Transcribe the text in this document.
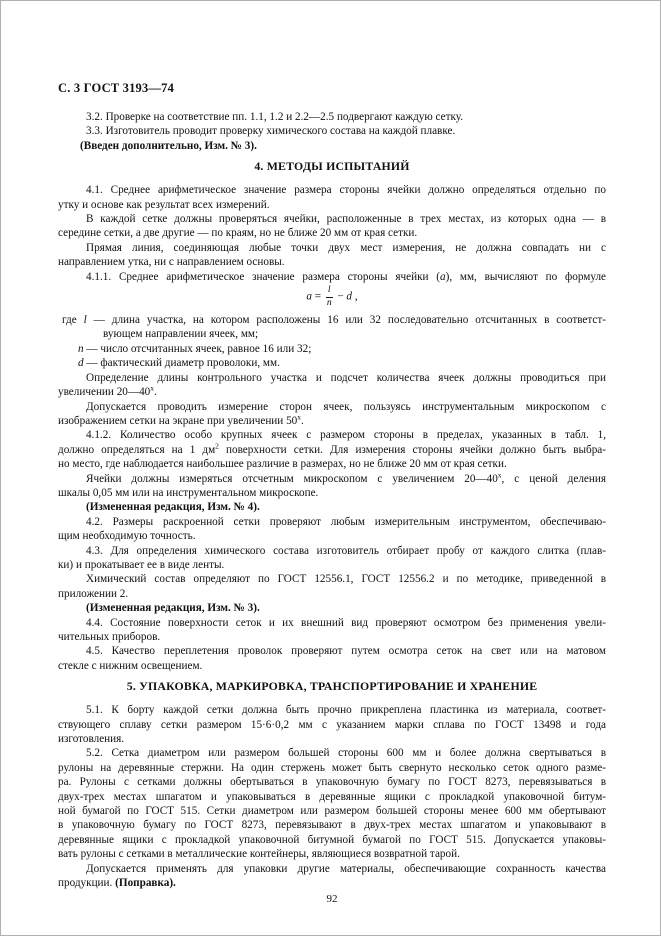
С. 3 ГОСТ 3193—74
3.2. Проверке на соответствие пп. 1.1, 1.2 и 2.2—2.5 подвергают каждую сетку.
3.3. Изготовитель проводит проверку химического состава на каждой плавке.
(Введен дополнительно, Изм. № 3).
4. МЕТОДЫ ИСПЫТАНИЙ
4.1. Среднее арифметическое значение размера стороны ячейки должно определяться отдельно по
утку и основе как результат всех измерений.
В каждой сетке должны проверяться ячейки, расположенные в трех местах, из которых одна — в
середине сетки, а две другие — по краям, но не ближе 20 мм от края сетки.
Прямая линия, соединяющая любые точки двух мест измерения, не должна совпадать ни с
направлением утка, ни с направлением основы.
4.1.1. Среднее арифметическое значение размера стороны ячейки (а), мм, вычисляют по формуле
$a = \frac{l}{n} - d$ ,
где l — длина участка, на котором расположены 16 или 32 последовательно отсчитанных в соответст-
вующем направлении ячеек, мм;
n — число отсчитанных ячеек, равное 16 или 32;
d — фактический диаметр проволоки, мм.
Определение длины контрольного участка и подсчет количества ячеек должны проводиться при
увеличении $20—40^х$.
Допускается проводить измерение сторон ячеек, пользуясь инструментальным микроскопом с
изображением сетки на экране при увеличении $50^х$.
4.1.2. Количество особо крупных ячеек с размером стороны в пределах, указанных в табл. 1,
должно определяться на 1 $дм^2$ поверхности сетки. Для измерения стороны ячейки должно быть выбра-
но место, где наблюдается наибольшее различие в размерах, но не ближе 20 мм от края сетки.
Ячейки должны измеряться отсчетным микроскопом с увеличением $20—40^х$, с ценой деления
шкалы 0,05 мм или на инструментальном микроскопе.
(Измененная редакция, Изм. № 4).
4.2. Размеры раскроенной сетки проверяют любым измерительным инструментом, обеспечиваю-
щим необходимую точность.
4.3. Для определения химического состава изготовитель отбирает пробу от каждого слитка (плав-
ки) и прокатывает ее в виде ленты.
Химический состав определяют по ГОСТ 12556.1, ГОСТ 12556.2 и по методике, приведенной в
приложении 2.
(Измененная редакция, Изм. № 3).
4.4. Состояние поверхности сеток и их внешний вид проверяют осмотром без применения увели-
чительных приборов.
4.5. Качество переплетения проволок проверяют путем осмотра сеток на свет или на матовом
стекле с нижним освещением.
5. УПАКОВКА, МАРКИРОВКА, ТРАНСПОРТИРОВАНИЕ И ХРАНЕНИЕ
5.1. К борту каждой сетки должна быть прочно прикреплена пластинка из материала, соответ-
ствующего сплаву сетки размером 15·6·0,2 мм с указанием марки сплава по ГОСТ 13498 и года
изготовления.
5.2. Сетка диаметром или размером большей стороны 600 мм и более должна свертываться в
рулоны на деревянные стержни. На один стержень может быть свернуто несколько сеток одного разме-
ра. Рулоны с сетками должны обертываться в упаковочную бумагу по ГОСТ 8273, перевязываться в
двух-трех местах шпагатом и упаковываться в деревянные ящики с прокладкой упаковочной битум-
ной бумагой по ГОСТ 515. Сетки диаметром или размером большей стороны менее 600 мм обертывают
в упаковочную бумагу по ГОСТ 8273, перевязывают в двух-трех местах шпагатом и упаковывают в
деревянные ящики с прокладкой упаковочной битумной бумагой по ГОСТ 515. Допускается упаковы-
вать рулоны с сетками в металлические контейнеры, являющиеся возвратной тарой.
Допускается применять для упаковки другие материалы, обеспечивающие сохранность качества
продукции. (Поправка).
92
